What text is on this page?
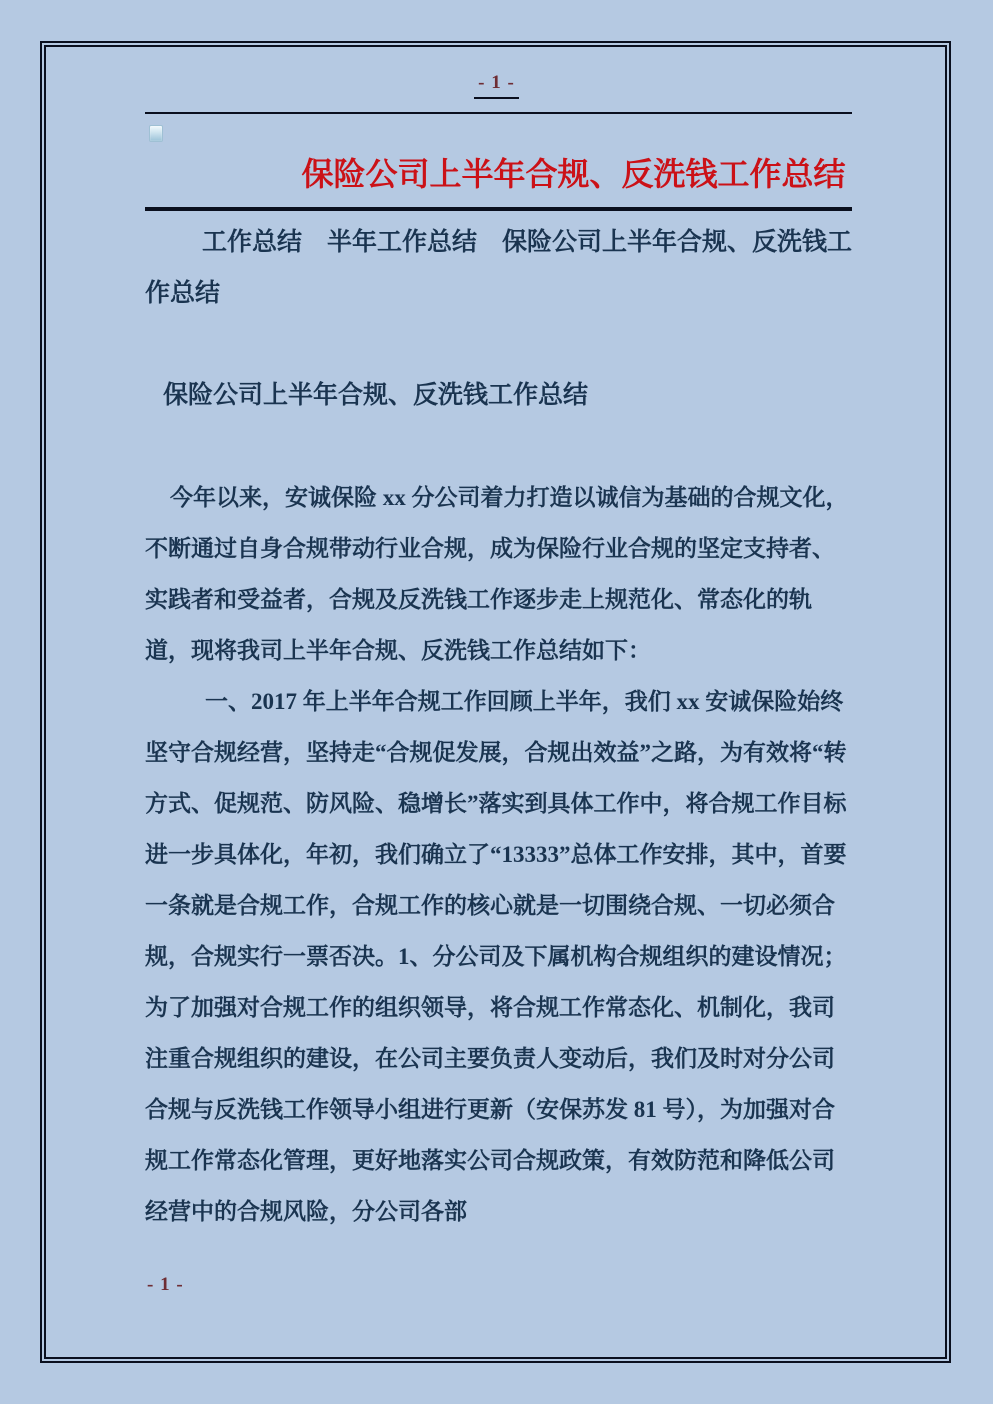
- 1 -
保险公司上半年合规、反洗钱工作总结

工作总结　半年工作总结　保险公司上半年合规、反洗钱工作总结

保险公司上半年合规、反洗钱工作总结

今年以来，安诚保险 xx 分公司着力打造以诚信为基础的合规文化，不断通过自身合规带动行业合规，成为保险行业合规的坚定支持者、实践者和受益者，合规及反洗钱工作逐步走上规范化、常态化的轨道，现将我司上半年合规、反洗钱工作总结如下：

一、2017 年上半年合规工作回顾上半年，我们 xx 安诚保险始终坚守合规经营，坚持走“合规促发展，合规出效益”之路，为有效将“转方式、促规范、防风险、稳增长”落实到具体工作中，将合规工作目标进一步具体化，年初，我们确立了“13333”总体工作安排，其中，首要一条就是合规工作，合规工作的核心就是一切围绕合规、一切必须合规，合规实行一票否决。1、分公司及下属机构合规组织的建设情况；为了加强对合规工作的组织领导，将合规工作常态化、机制化，我司注重合规组织的建设，在公司主要负责人变动后，我们及时对分公司合规与反洗钱工作领导小组进行更新（安保苏发 81 号），为加强对合规工作常态化管理，更好地落实公司合规政策，有效防范和降低公司经营中的合规风险，分公司各部

- 1 -
